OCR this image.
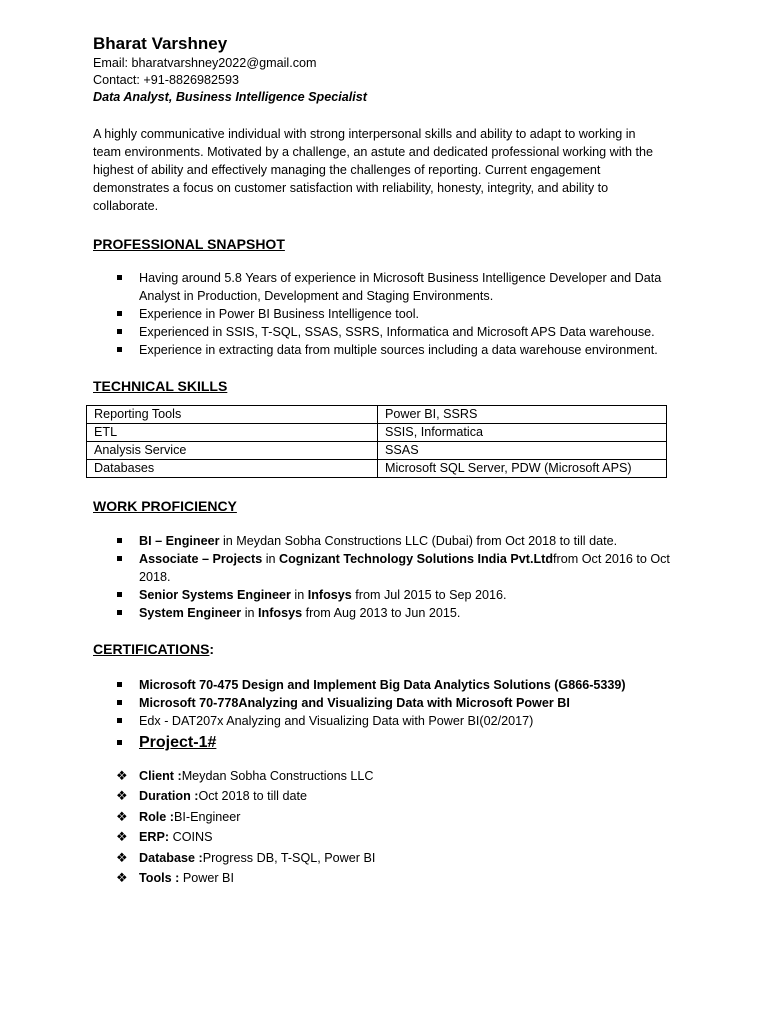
Bharat Varshney

Email: bharatvarshney2022@gmail.com

Contact: +91-8826982593

Data Analyst, Business Intelligence Specialist

A highly communicative individual with strong interpersonal skills and ability to adapt to working in team environments. Motivated by a challenge, an astute and dedicated professional working with the highest of ability and effectively managing the challenges of reporting. Current engagement demonstrates a focus on customer satisfaction with reliability, honesty, integrity, and ability to collaborate.

PROFESSIONAL SNAPSHOT

Having around 5.8 Years of experience in Microsoft Business Intelligence Developer and Data Analyst in Production, Development and Staging Environments.
Experience in Power BI Business Intelligence tool.
Experienced in SSIS, T-SQL, SSAS, SSRS, Informatica and Microsoft APS Data warehouse.
Experience in extracting data from multiple sources including a data warehouse environment.

TECHNICAL SKILLS

Reporting Tools	Power BI, SSRS
ETL	SSIS, Informatica
Analysis Service	SSAS
Databases	Microsoft SQL Server, PDW (Microsoft APS)

WORK PROFICIENCY

BI – Engineer in Meydan Sobha Constructions LLC (Dubai) from Oct 2018 to till date.
Associate – Projects in Cognizant Technology Solutions India Pvt.Ltdfrom Oct 2016 to Oct 2018.
Senior Systems Engineer in Infosys from Jul 2015 to Sep 2016.
System Engineer in Infosys from Aug 2013 to Jun 2015.

CERTIFICATIONS:

Microsoft 70-475 Design and Implement Big Data Analytics Solutions (G866-5339)
Microsoft 70-778Analyzing and Visualizing Data with Microsoft Power BI
Edx - DAT207x Analyzing and Visualizing Data with Power BI(02/2017)
Project-1#
❖ Client :Meydan Sobha Constructions LLC
❖ Duration :Oct 2018 to till date
❖ Role :BI-Engineer
❖ ERP: COINS
❖ Database :Progress DB, T-SQL, Power BI
❖ Tools : Power BI
